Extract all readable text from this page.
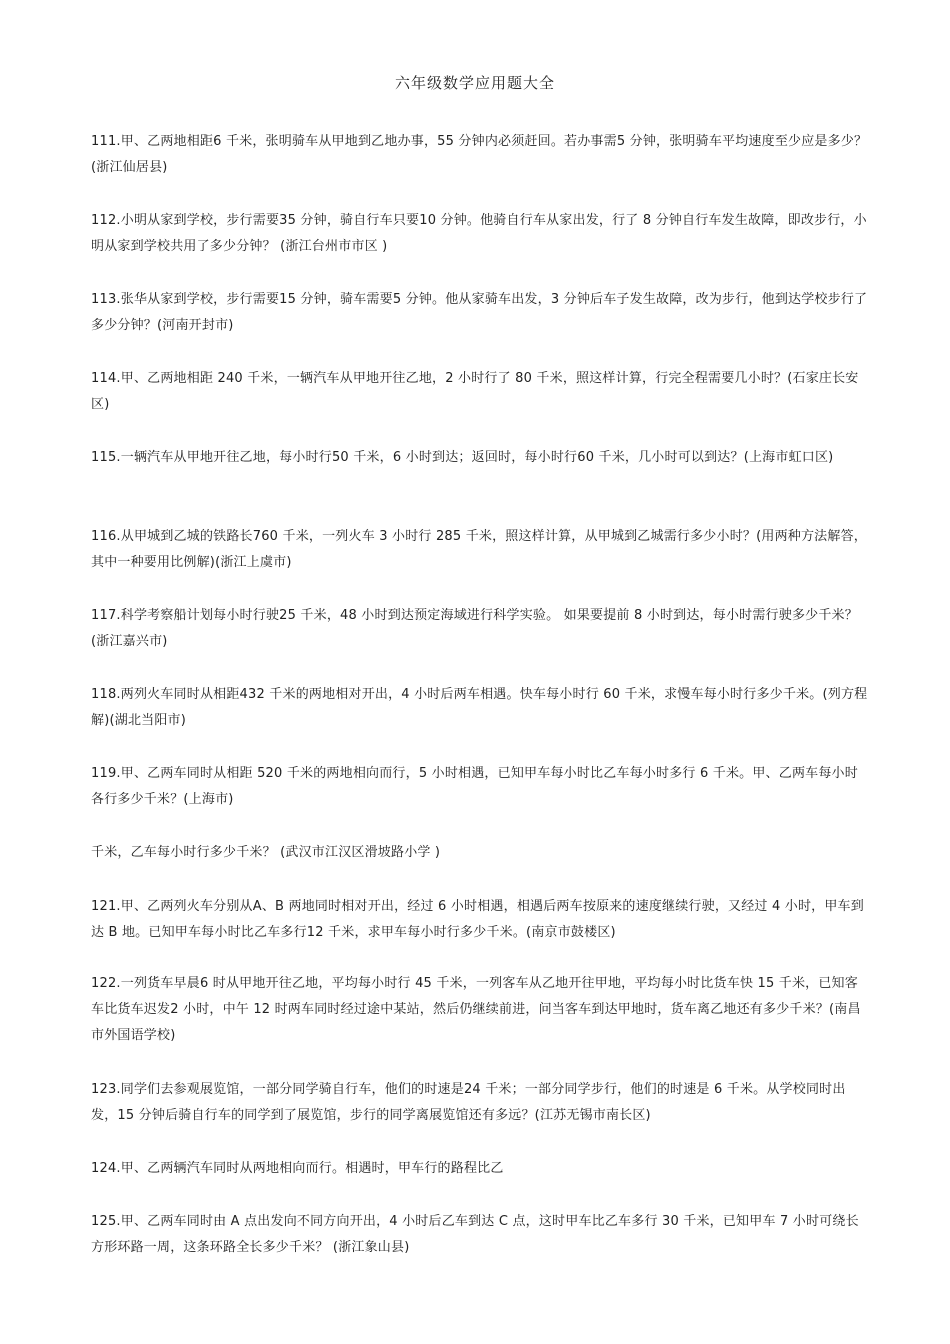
六年级数学应用题大全
111.甲、乙两地相距6 千米，张明骑车从甲地到乙地办事，55 分钟内必须赶回。若办事需5 分钟，张明骑车平均速度至少应是多少？(浙江仙居县)
112.小明从家到学校，步行需要35 分钟，骑自行车只要10 分钟。他骑自行车从家出发，行了 8 分钟自行车发生故障，即改步行，小明从家到学校共用了多少分钟？ (浙江台州市市区 )
113.张华从家到学校，步行需要15 分钟，骑车需要5 分钟。他从家骑车出发，3 分钟后车子发生故障，改为步行，他到达学校步行了多少分钟？(河南开封市)
114.甲、乙两地相距 240 千米，一辆汽车从甲地开往乙地，2 小时行了 80 千米，照这样计算，行完全程需要几小时？(石家庄长安区)
115.一辆汽车从甲地开往乙地，每小时行50 千米，6 小时到达；返回时，每小时行60 千米，几小时可以到达？(上海市虹口区)
116.从甲城到乙城的铁路长760 千米，一列火车 3 小时行 285 千米，照这样计算，从甲城到乙城需行多少小时？(用两种方法解答，其中一种要用比例解)(浙江上虞市)
117.科学考察船计划每小时行驶25 千米，48 小时到达预定海域进行科学实验。 如果要提前 8 小时到达，每小时需行驶多少千米？(浙江嘉兴市)
118.两列火车同时从相距432 千米的两地相对开出，4 小时后两车相遇。快车每小时行 60 千米，求慢车每小时行多少千米。(列方程解)(湖北当阳市)
119.甲、乙两车同时从相距 520 千米的两地相向而行，5 小时相遇，已知甲车每小时比乙车每小时多行 6 千米。甲、乙两车每小时各行多少千米？(上海市)
千米，乙车每小时行多少千米？ (武汉市江汉区滑坡路小学 )
121.甲、乙两列火车分别从A、B 两地同时相对开出，经过 6 小时相遇，相遇后两车按原来的速度继续行驶，又经过 4 小时，甲车到达 B 地。已知甲车每小时比乙车多行12 千米，求甲车每小时行多少千米。(南京市鼓楼区)
122.一列货车早晨6 时从甲地开往乙地，平均每小时行 45 千米，一列客车从乙地开往甲地，平均每小时比货车快 15 千米，已知客车比货车迟发2 小时，中午 12 时两车同时经过途中某站，然后仍继续前进，问当客车到达甲地时，货车离乙地还有多少千米？(南昌市外国语学校)
123.同学们去参观展览馆，一部分同学骑自行车，他们的时速是24 千米；一部分同学步行，他们的时速是 6 千米。从学校同时出发，15 分钟后骑自行车的同学到了展览馆，步行的同学离展览馆还有多远？(江苏无锡市南长区)
124.甲、乙两辆汽车同时从两地相向而行。相遇时，甲车行的路程比乙
125.甲、乙两车同时由 A 点出发向不同方向开出，4 小时后乙车到达 C 点，这时甲车比乙车多行 30 千米，已知甲车 7 小时可绕长方形环路一周，这条环路全长多少千米？ (浙江象山县)
